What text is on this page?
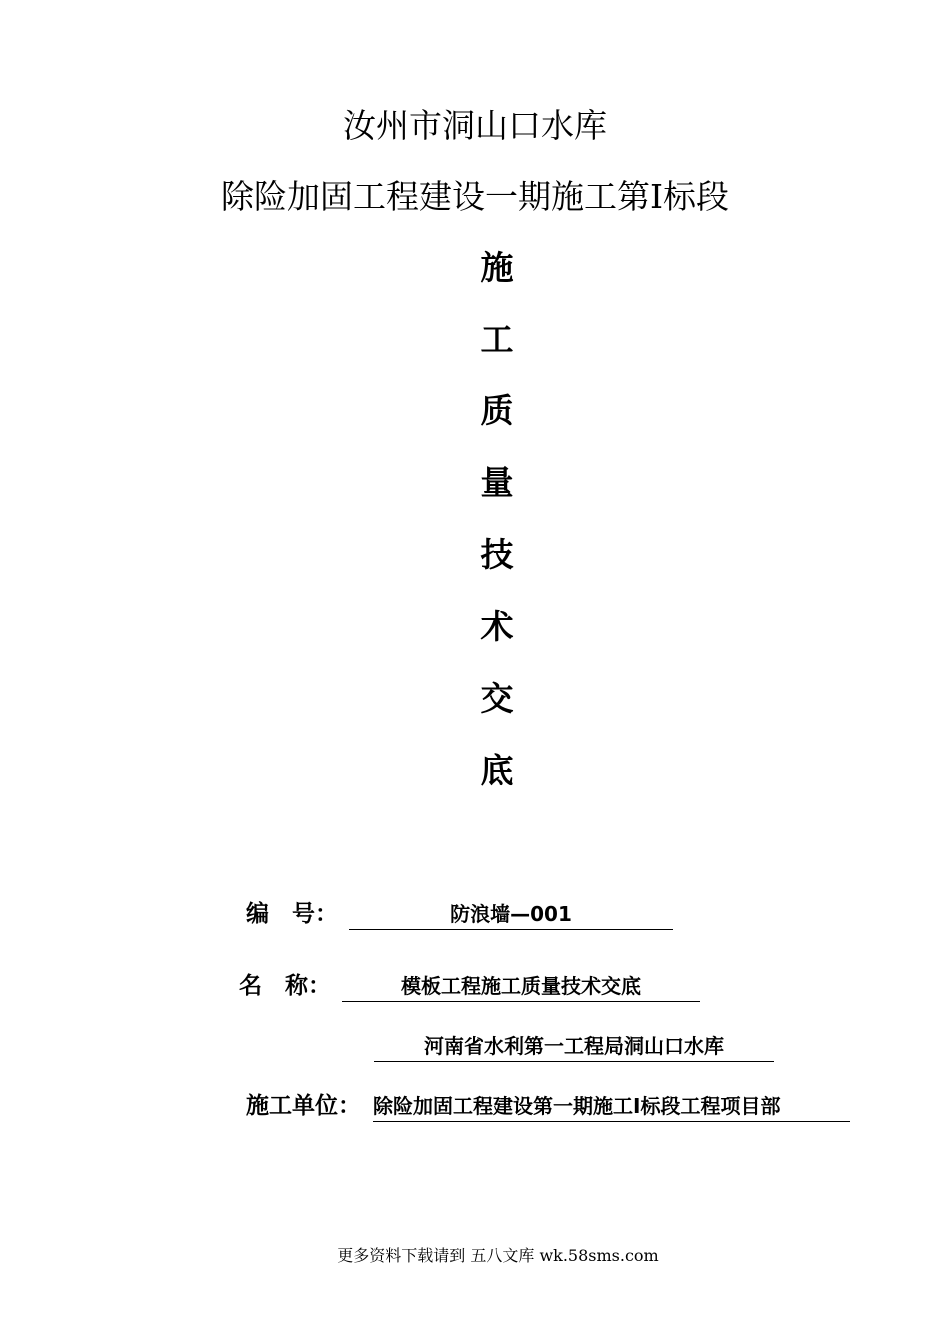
汝州市洞山口水库
除险加固工程建设一期施工第Ⅰ标段
施
工
质
量
技
术
交
底
编　号：	防浪墙—001
名　称：	模板工程施工质量技术交底
河南省水利第一工程局洞山口水库
施工单位： 除险加固工程建设第一期施工Ⅰ标段工程项目部
更多资料下载请到 五八文库 wk.58sms.com
